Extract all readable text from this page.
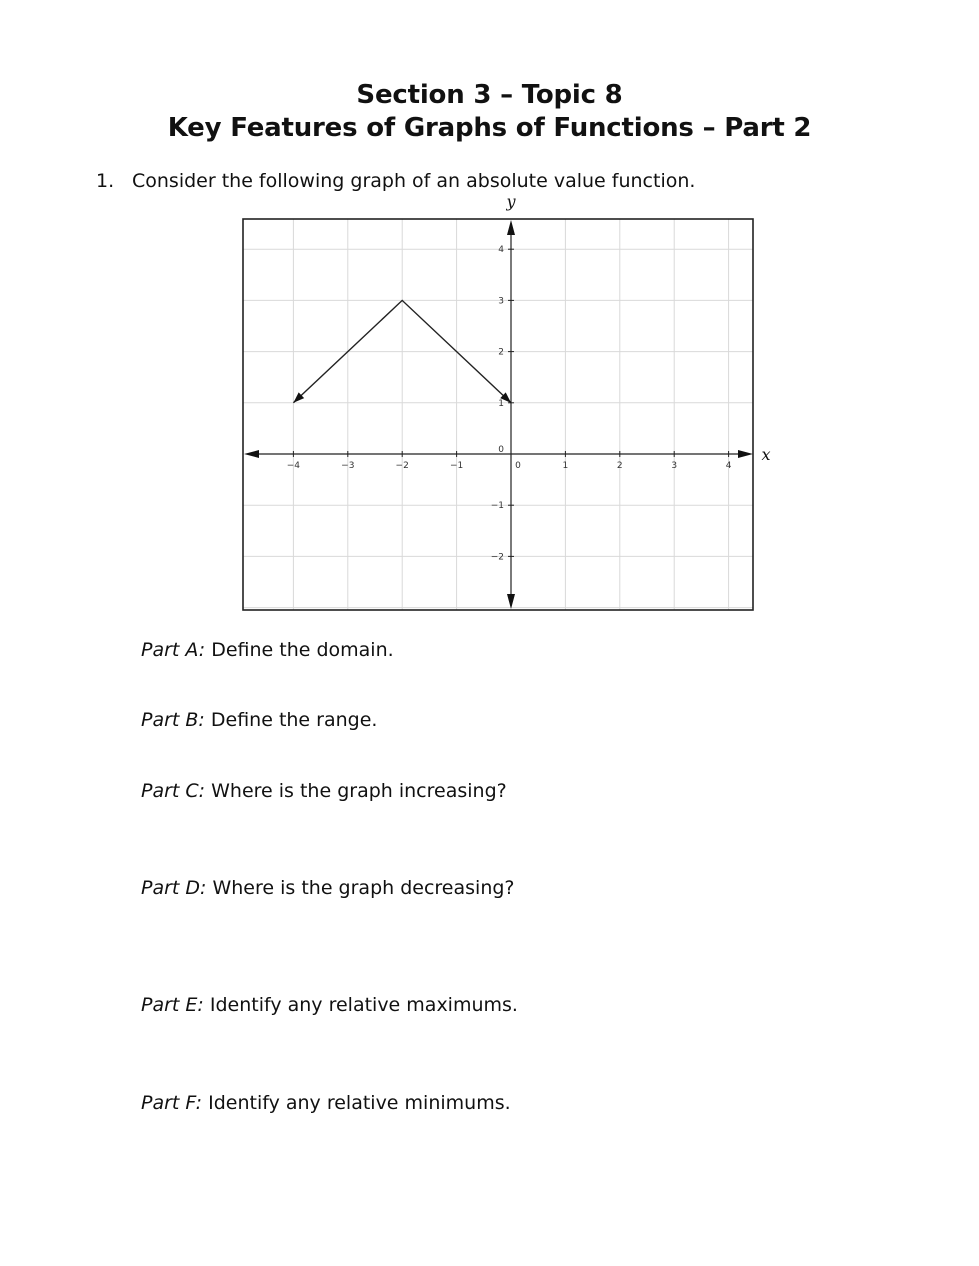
Section 3 – Topic 8
Key Features of Graphs of Functions – Part 2
1. Consider the following graph of an absolute value function.
−4	−3	−2	−1	0	1	2	3	4
−2
−1
0
1
2
3
4
x
y
Part A: Define the domain.
Part B: Define the range.
Part C: Where is the graph increasing?
Part D: Where is the graph decreasing?
Part E: Identify any relative maximums.
Part F: Identify any relative minimums.
